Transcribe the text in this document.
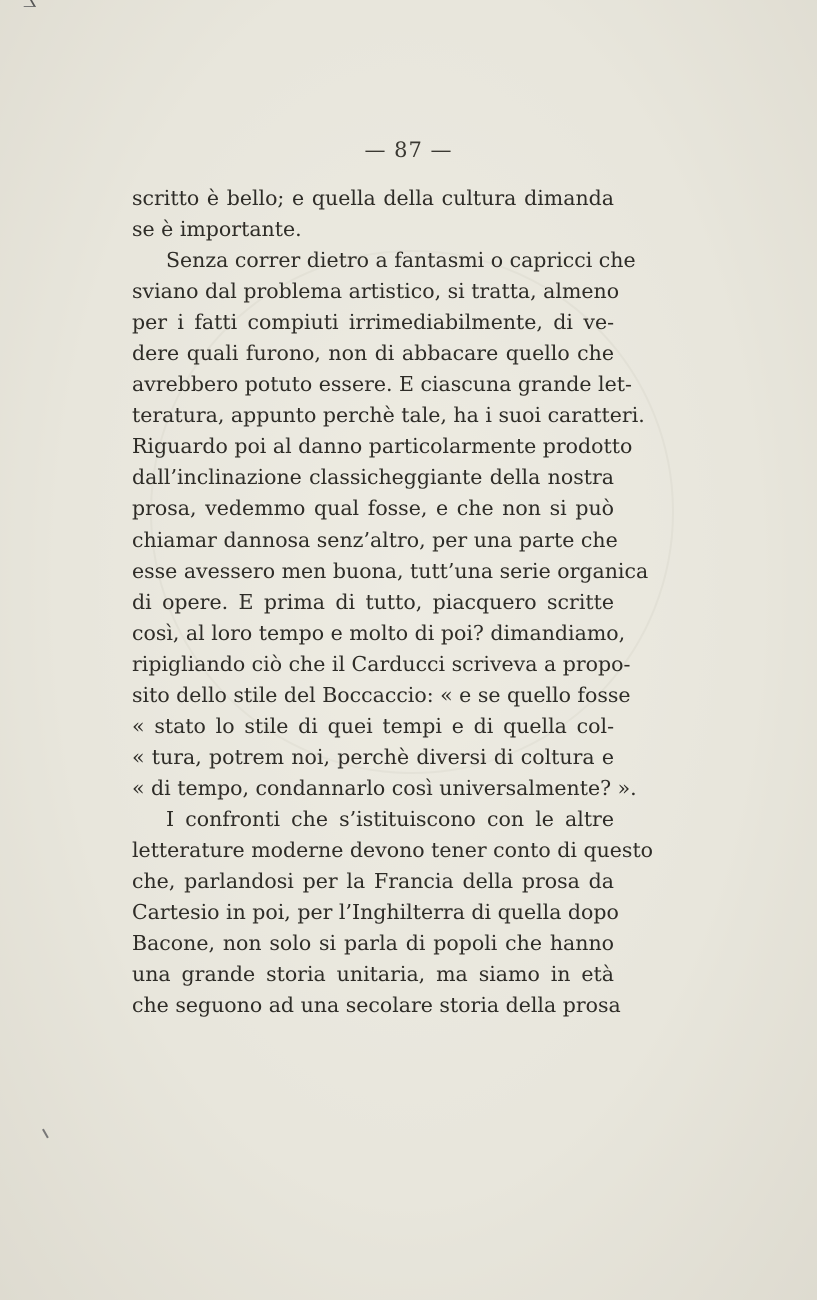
— 87 —
scritto è bello; e quella della cultura dimanda
se è importante.
Senza correr dietro a fantasmi o capricci che
sviano dal problema artistico, si tratta, almeno
per i fatti compiuti irrimediabilmente, di ve-
dere quali furono, non di abbacare quello che
avrebbero potuto essere. E ciascuna grande let-
teratura, appunto perchè tale, ha i suoi caratteri.
Riguardo poi al danno particolarmente prodotto
dall’inclinazione classicheggiante della nostra
prosa, vedemmo qual fosse, e che non si può
chiamar dannosa senz’altro, per una parte che
esse avessero men buona, tutt’una serie organica
di opere. E prima di tutto, piacquero scritte
così, al loro tempo e molto di poi? dimandiamo,
ripigliando ciò che il Carducci scriveva a propo-
sito dello stile del Boccaccio: « e se quello fosse
« stato lo stile di quei tempi e di quella col-
« tura, potrem noi, perchè diversi di coltura e
« di tempo, condannarlo così universalmente? ».
I confronti che s’istituiscono con le altre
letterature moderne devono tener conto di questo
che, parlandosi per la Francia della prosa da
Cartesio in poi, per l’Inghilterra di quella dopo
Bacone, non solo si parla di popoli che hanno
una grande storia unitaria, ma siamo in età
che seguono ad una secolare storia della prosa
